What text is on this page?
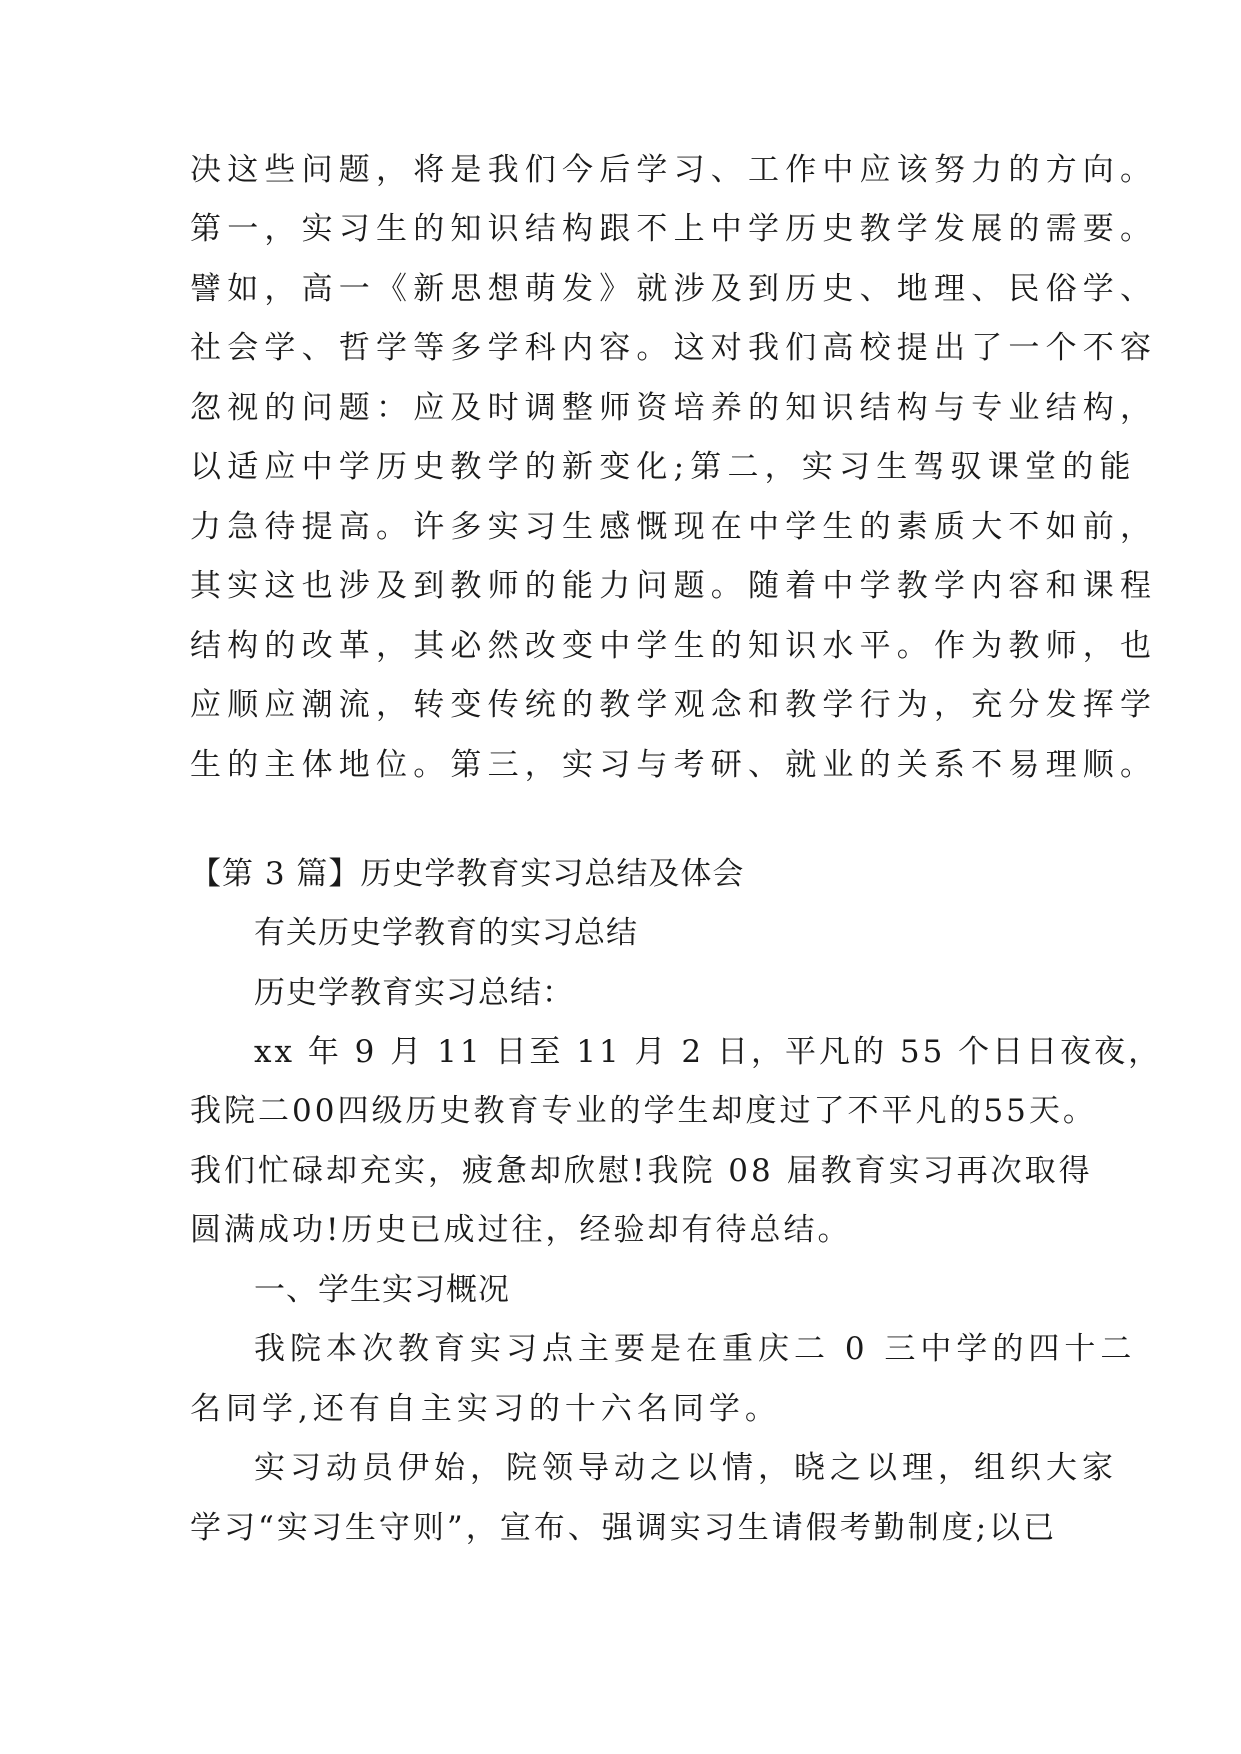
决这些问题，将是我们今后学习、工作中应该努力的方向。
第一，实习生的知识结构跟不上中学历史教学发展的需要。
譬如，高一《新思想萌发》就涉及到历史、地理、民俗学、
社会学、哲学等多学科内容。这对我们高校提出了一个不容
忽视的问题：应及时调整师资培养的知识结构与专业结构，
以适应中学历史教学的新变化;第二，实习生驾驭课堂的能
力急待提高。许多实习生感慨现在中学生的素质大不如前，
其实这也涉及到教师的能力问题。随着中学教学内容和课程
结构的改革，其必然改变中学生的知识水平。作为教师，也
应顺应潮流，转变传统的教学观念和教学行为，充分发挥学
生的主体地位。第三，实习与考研、就业的关系不易理顺。
【第 3 篇】历史学教育实习总结及体会
有关历史学教育的实习总结
历史学教育实习总结：
xx 年 9 月 11 日至 11 月 2 日，平凡的 55 个日日夜夜，
我院二00四级历史教育专业的学生却度过了不平凡的55天。
我们忙碌却充实，疲惫却欣慰!我院 08 届教育实习再次取得
圆满成功!历史已成过往，经验却有待总结。
一、学生实习概况
我院本次教育实习点主要是在重庆二 0 三中学的四十二
名同学,还有自主实习的十六名同学。
实习动员伊始，院领导动之以情，晓之以理，组织大家
学习“实习生守则”，宣布、强调实习生请假考勤制度;以已
